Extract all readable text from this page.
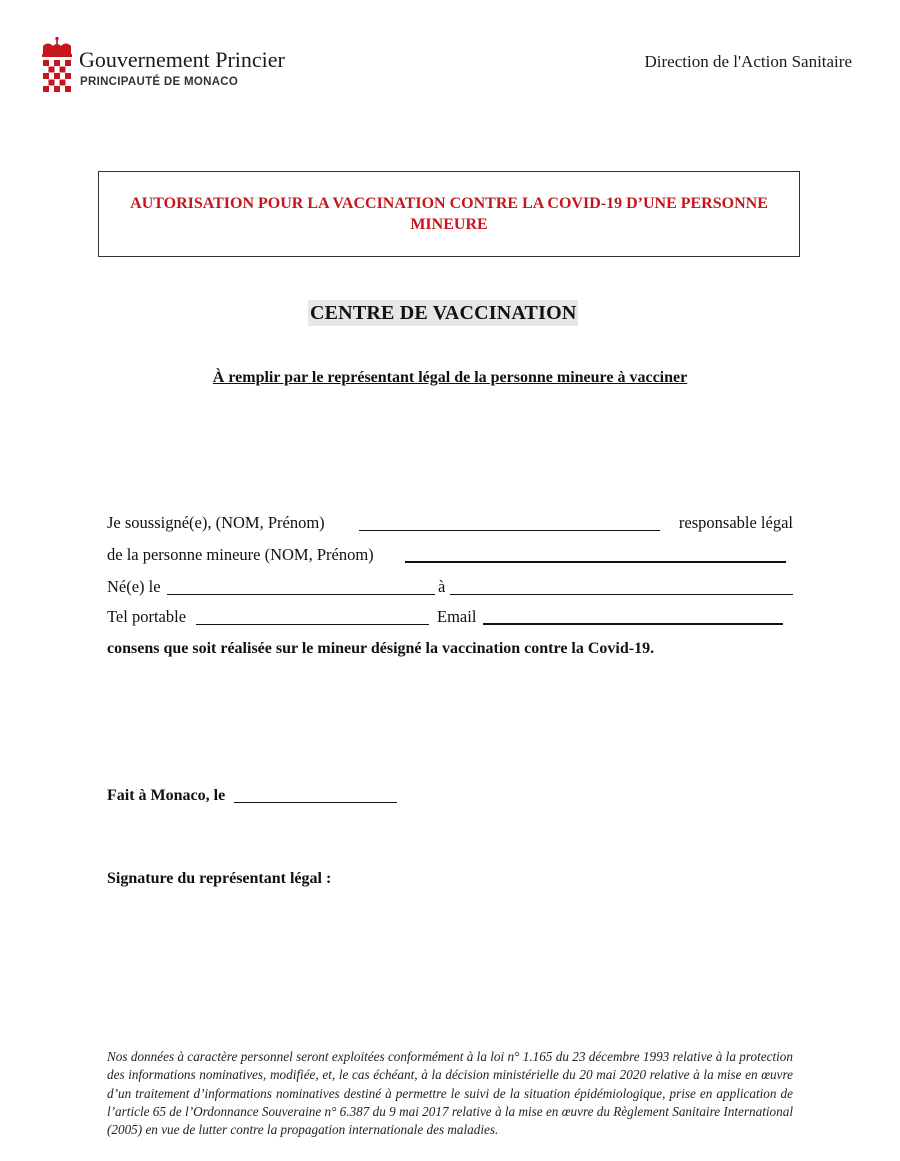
Gouvernement Princier
PRINCIPAUTÉ DE MONACO
Direction de l'Action Sanitaire
AUTORISATION POUR LA VACCINATION CONTRE LA COVID-19 D’UNE PERSONNE MINEURE
CENTRE DE VACCINATION
À remplir par le représentant légal de la personne mineure à vacciner
Je soussigné(e), (NOM, Prénom)	responsable légal
de la personne mineure (NOM, Prénom)
Né(e) le	à
Tel portable	Email
consens que soit réalisée sur le mineur désigné la vaccination contre la Covid-19.
Fait à Monaco, le
Signature du représentant légal :
Nos données à caractère personnel seront exploitées conformément à la loi n° 1.165 du 23 décembre 1993 relative à la protection des informations nominatives, modifiée, et, le cas échéant, à la décision ministérielle du 20 mai 2020 relative à la mise en œuvre d’un traitement d’informations nominatives destiné à permettre le suivi de la situation épidémiologique, prise en application de l’article 65 de l’Ordonnance Souveraine n° 6.387 du 9 mai 2017 relative à la mise en œuvre du Règlement Sanitaire International (2005) en vue de lutter contre la propagation internationale des maladies.
